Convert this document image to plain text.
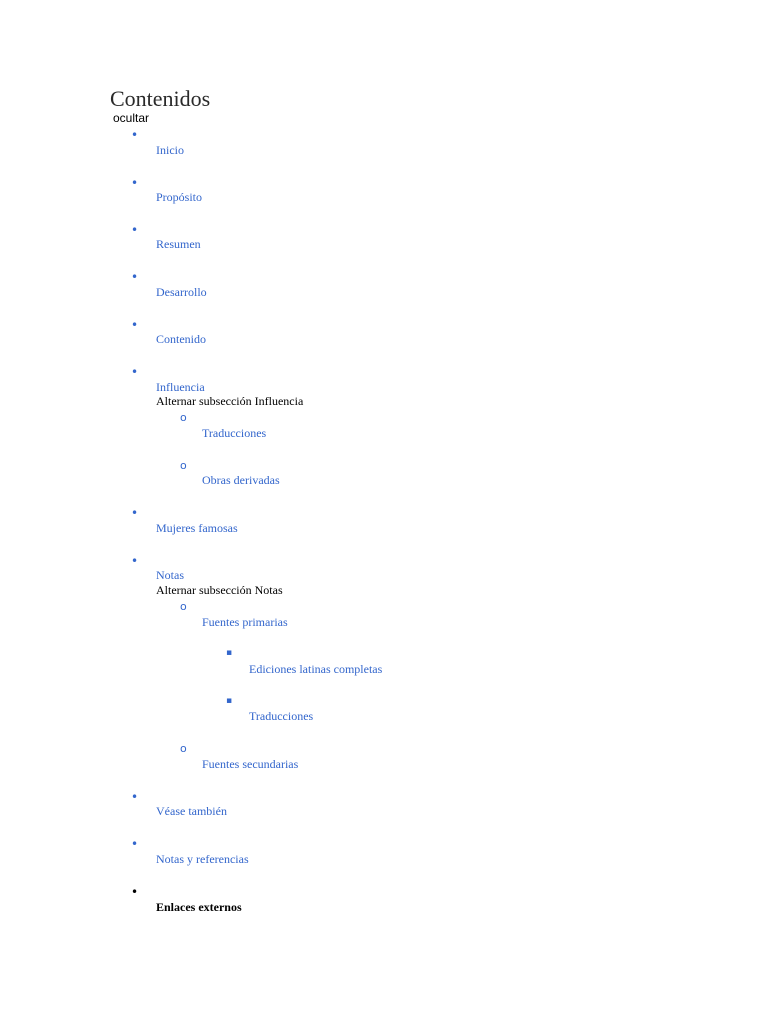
Contenidos
ocultar
•
Inicio
•
Propósito
•
Resumen
•
Desarrollo
•
Contenido
•
Influencia
Alternar subsección Influencia
o
Traducciones
o
Obras derivadas
•
Mujeres famosas
•
Notas
Alternar subsección Notas
o
Fuentes primarias
▪
Ediciones latinas completas
▪
Traducciones
o
Fuentes secundarias
•
Véase también
•
Notas y referencias
•
Enlaces externos
